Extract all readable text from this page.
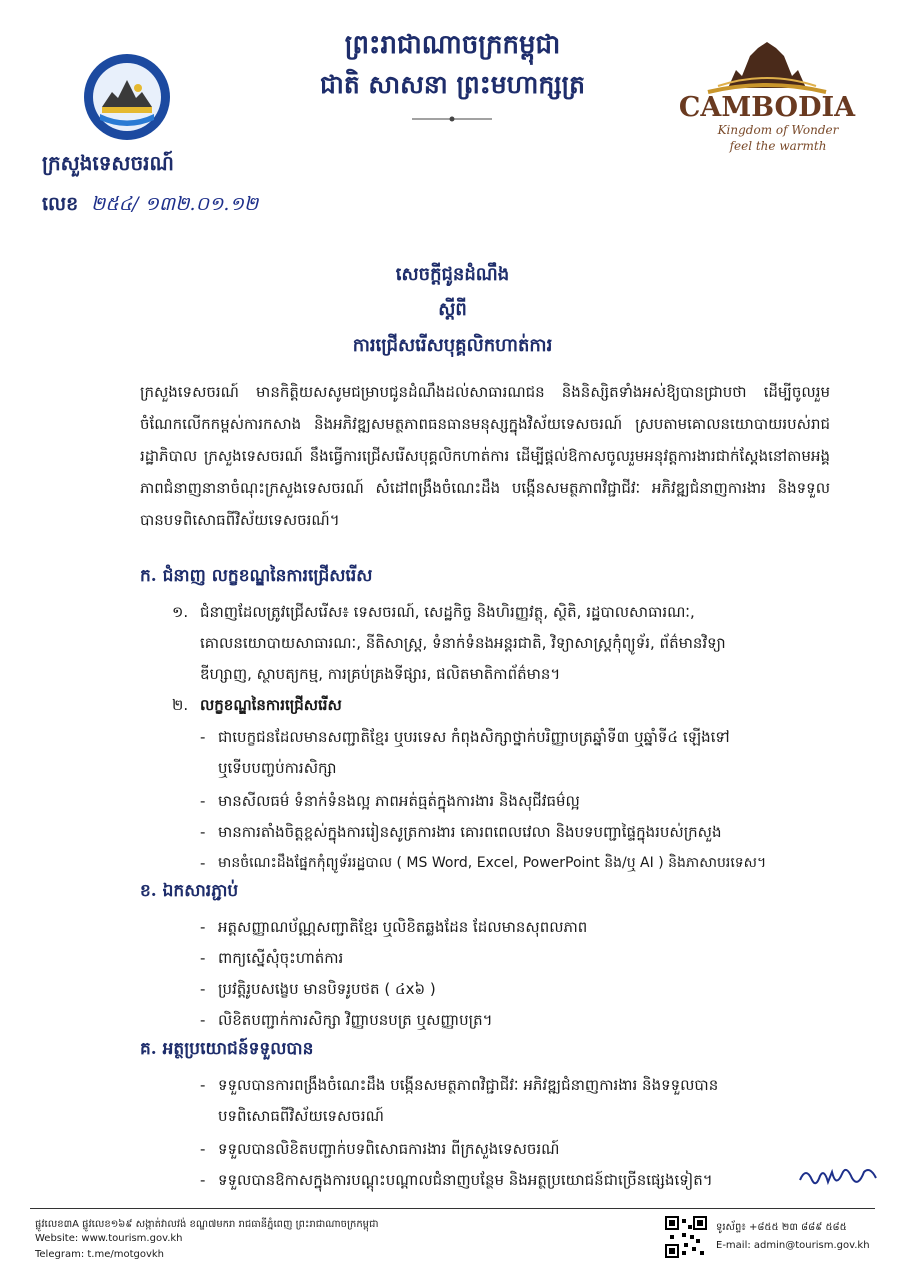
ព្រះរាជាណាចក្រកម្ពុជា
ជាតិ សាសនា ព្រះមហាក្សត្រ
CAMBODIA
Kingdom of Wonder
feel the warmth
ក្រសួងទេសចរណ៍
លេខ ២៥៤/ ១៣២.០១.១២
សេចក្តីជូនដំណឹង
ស្តីពី
ការជ្រើសរើសបុគ្គលិកហាត់ការ

ក្រសួងទេសចរណ៍ មានកិត្តិយសសូមជម្រាបជូនដំណឹងដល់សាធារណជន និងនិស្សិតទាំងអស់ឱ្យបានជ្រាបថា ដើម្បីចូលរួមចំណែកលើកកម្ពស់ការកសាង និងអភិវឌ្ឍសមត្ថភាពធនធានមនុស្សក្នុងវិស័យទេសចរណ៍ ស្របតាមគោលនយោបាយរបស់រាជរដ្ឋាភិបាល ក្រសួងទេសចរណ៍ នឹងធ្វើការជ្រើសរើសបុគ្គលិកហាត់ការ ដើម្បីផ្តល់ឱកាសចូលរួមអនុវត្តការងារជាក់ស្តែងនៅតាមអង្គភាពជំនាញនានាចំណុះក្រសួងទេសចរណ៍ សំដៅពង្រឹងចំណេះដឹង បង្កើនសមត្ថភាពវិជ្ជាជីវៈ អភិវឌ្ឍជំនាញការងារ និងទទួលបានបទពិសោធពីវិស័យទេសចរណ៍។

ក. ជំនាញ លក្ខខណ្ឌនៃការជ្រើសរើស
១. ជំនាញដែលត្រូវជ្រើសរើស៖ ទេសចរណ៍, សេដ្ឋកិច្ច និងហិរញ្ញវត្ថុ, ស្ថិតិ, រដ្ឋបាលសាធារណៈ,
គោលនយោបាយសាធារណៈ, នីតិសាស្ត្រ, ទំនាក់ទំនងអន្តរជាតិ, វិទ្យាសាស្ត្រកុំព្យូទ័រ, ព័ត៌មានវិទ្យា
ឌីហ្សាញ, ស្ថាបត្យកម្ម, ការគ្រប់គ្រងទីផ្សារ, ផលិតមាតិកាព័ត៌មាន។
២. លក្ខខណ្ឌនៃការជ្រើសរើស
- ជាបេក្ខជនដែលមានសញ្ជាតិខ្មែរ ឬបរទេស កំពុងសិក្សាថ្នាក់បរិញ្ញាបត្រឆ្នាំទី៣ ឬឆ្នាំទី៤ ឡើងទៅ
ឬទើបបញ្ចប់ការសិក្សា
- មានសីលធម៌ ទំនាក់ទំនងល្អ ភាពអត់ធ្មត់ក្នុងការងារ និងសុជីវធម៌ល្អ
- មានការតាំងចិត្តខ្ពស់ក្នុងការរៀនសូត្រការងារ គោរពពេលវេលា និងបទបញ្ជាផ្ទៃក្នុងរបស់ក្រសួង
- មានចំណេះដឹងផ្នែកកុំព្យូទ័ររដ្ឋបាល ( MS Word, Excel, PowerPoint និង/ឬ AI ) និងភាសាបរទេស។
ខ. ឯកសារភ្ជាប់
- អត្តសញ្ញាណប័ណ្ណសញ្ជាតិខ្មែរ ឬលិខិតឆ្លងដែន ដែលមានសុពលភាព
- ពាក្យស្នើសុំចុះហាត់ការ
- ប្រវត្តិរូបសង្ខេប មានបិទរូបថត ( ៤x៦ )
- លិខិតបញ្ជាក់ការសិក្សា វិញ្ញាបនបត្រ ឬសញ្ញាបត្រ។
គ. អត្ថប្រយោជន៍ទទួលបាន
- ទទួលបានការពង្រឹងចំណេះដឹង បង្កើនសមត្ថភាពវិជ្ជាជីវៈ អភិវឌ្ឍជំនាញការងារ និងទទួលបាន
បទពិសោធពីវិស័យទេសចរណ៍
- ទទួលបានលិខិតបញ្ជាក់បទពិសោធការងារ ពីក្រសួងទេសចរណ៍
- ទទួលបានឱកាសក្នុងការបណ្តុះបណ្តាលជំនាញបន្ថែម និងអត្ថប្រយោជន៍ជាច្រើនផ្សេងទៀត។
ផ្លូវលេខ៣A ផ្លូវលេខ១៦៩ សង្កាត់វាលវង់ ខណ្ឌ៧មករា រាជធានីភ្នំពេញ ព្រះរាជាណាចក្រកម្ពុជា
Website: www.tourism.gov.kh
Telegram: t.me/motgovkh
ទូរស័ព្ទ៖ +៨៥៥ ២៣ ៨៨៩ ៥៨៥
E-mail: admin@tourism.gov.kh
